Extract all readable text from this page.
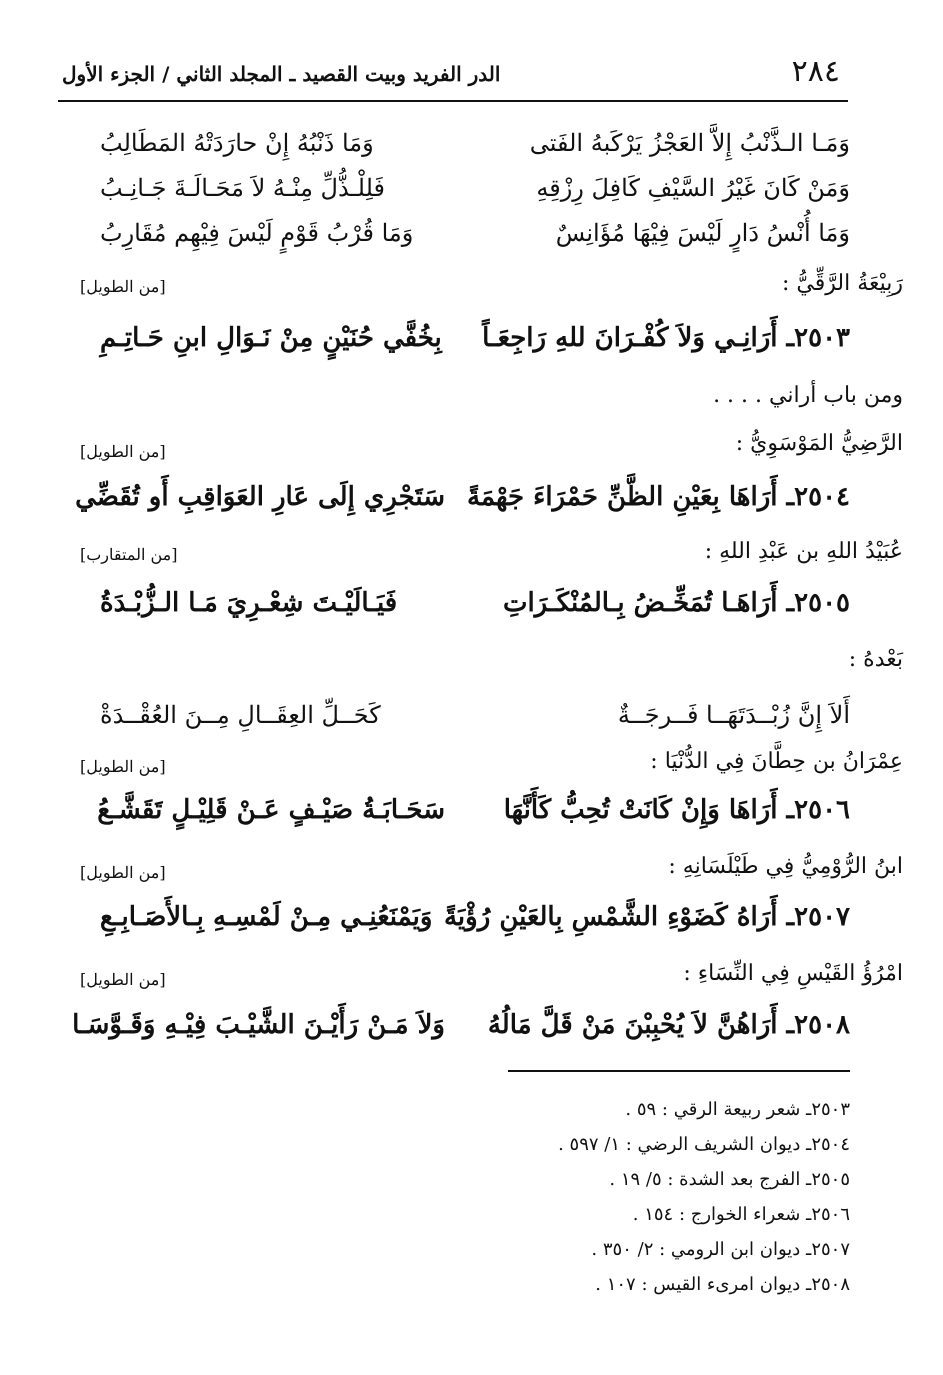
٢٨٤
الدر الفريد وبيت القصيد ـ المجلد الثاني / الجزء الأول
وَمَـا الـذَّنْبُ إِلاَّ العَجْزُ يَرْكَبهُ الفَتى
وَمَا ذَنْبُهُ إِنْ حارَدَتْهُ المَطَالِبُ
وَمَنْ كَانَ غَيْرُ السَّيْفِ كَافِلَ رِزْقِهِ
فَلِلْـذُّلِّ مِنْـهُ لاَ مَحَـالَـةَ جَـانِـبُ
وَمَا أُنْسُ دَارٍ لَيْسَ فِيْهَا مُؤَانِسٌ
وَمَا قُرْبُ قَوْمٍ لَيْسَ فِيْهِم مُقَارِبُ
رَبِيْعَةُ الرَّقِّيُّ :
[من الطويل]
٢٥٠٣ـ أَرَانِـي وَلاَ كُفْـرَانَ للهِ رَاجِعَـاً
بِخُفَّي حُنَيْنٍ مِنْ نَـوَالِ ابنِ حَـاتِـمِ
ومن باب أراني . . . .
الرَّضِيُّ المَوْسَوِيُّ :
[من الطويل]
٢٥٠٤ـ أَرَاهَا بِعَيْنِ الظَّنِّ حَمْرَاءَ جَهْمَةً
سَتَجْرِي إِلَى عَارِ العَوَاقِبِ أَو تُقَضِّي
عُبَيْدُ اللهِ بن عَبْدِ اللهِ :
[من المتقارب]
٢٥٠٥ـ أَرَاهَـا تُمَخِّـضُ بِـالمُنْكَـرَاتِ
فَيَـالَيْـتَ شِعْـرِيَ مَـا الـزُّبْـدَةُ
بَعْدهُ :
أَلاَ إِنَّ زُبْــدَتَهَــا فَــرجَــةٌ
كَحَــلِّ العِقَــالِ مِــنَ العُقْــدَةْ
عِمْرَانُ بن حِطَّانَ فِي الدُّنْيَا :
[من الطويل]
٢٥٠٦ـ أَرَاهَا وَإِنْ كَانَتْ تُحِبُّ كَأَنَّهَا
سَحَـابَـةُ صَيْـفٍ عَـنْ قَلِيْـلٍ تَقَشَّـعُ
ابنُ الرُّوْمِيُّ فِي طَيْلَسَانِهِ :
[من الطويل]
٢٥٠٧ـ أَرَاهُ كَضَوْءِ الشَّمْسِ بِالعَيْنِ رُؤْيَةً
وَيَمْنَعُنِـي مِـنْ لَمْسِـهِ بِـالأَصَـابِـعِ
امْرُؤُ القَيْسِ فِي النِّسَاءِ :
[من الطويل]
٢٥٠٨ـ أَرَاهُنَّ لاَ يُحْبِبْنَ مَنْ قَلَّ مَالُهُ
وَلاَ مَـنْ رَأَيْـنَ الشَّيْـبَ فِيْـهِ وَقَـوَّسَـا
٢٥٠٣ـ شعر ربيعة الرقي : ٥٩ .
٢٥٠٤ـ ديوان الشريف الرضي : ١/ ٥٩٧ .
٢٥٠٥ـ الفرج بعد الشدة : ٥/ ١٩ .
٢٥٠٦ـ شعراء الخوارج : ١٥٤ .
٢٥٠٧ـ ديوان ابن الرومي : ٢/ ٣٥٠ .
٢٥٠٨ـ ديوان امرىء القيس : ١٠٧ .
